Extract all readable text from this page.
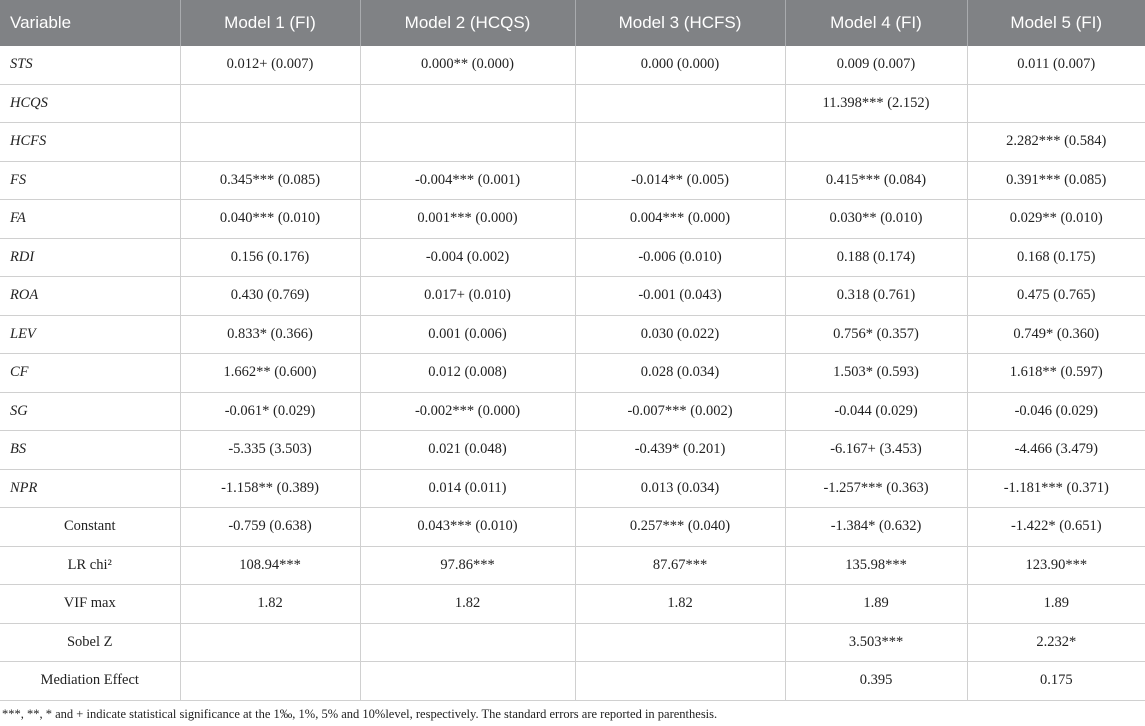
Variable	Model 1 (FI)	Model 2 (HCQS)	Model 3 (HCFS)	Model 4 (FI)	Model 5 (FI)
STS	0.012+ (0.007)	0.000** (0.000)	0.000 (0.000)	0.009 (0.007)	0.011 (0.007)
HCQS				11.398*** (2.152)	
HCFS					2.282*** (0.584)
FS	0.345*** (0.085)	-0.004*** (0.001)	-0.014** (0.005)	0.415*** (0.084)	0.391*** (0.085)
FA	0.040*** (0.010)	0.001*** (0.000)	0.004*** (0.000)	0.030** (0.010)	0.029** (0.010)
RDI	0.156 (0.176)	-0.004 (0.002)	-0.006 (0.010)	0.188 (0.174)	0.168 (0.175)
ROA	0.430 (0.769)	0.017+ (0.010)	-0.001 (0.043)	0.318 (0.761)	0.475 (0.765)
LEV	0.833* (0.366)	0.001 (0.006)	0.030 (0.022)	0.756* (0.357)	0.749* (0.360)
CF	1.662** (0.600)	0.012 (0.008)	0.028 (0.034)	1.503* (0.593)	1.618** (0.597)
SG	-0.061* (0.029)	-0.002*** (0.000)	-0.007*** (0.002)	-0.044 (0.029)	-0.046 (0.029)
BS	-5.335 (3.503)	0.021 (0.048)	-0.439* (0.201)	-6.167+ (3.453)	-4.466 (3.479)
NPR	-1.158** (0.389)	0.014 (0.011)	0.013 (0.034)	-1.257*** (0.363)	-1.181*** (0.371)
Constant	-0.759 (0.638)	0.043*** (0.010)	0.257*** (0.040)	-1.384* (0.632)	-1.422* (0.651)
LR chi²	108.94***	97.86***	87.67***	135.98***	123.90***
VIF max	1.82	1.82	1.82	1.89	1.89
Sobel Z				3.503***	2.232*
Mediation Effect				0.395	0.175
***, **, * and + indicate statistical significance at the 1‰, 1%, 5% and 10%level, respectively. The standard errors are reported in parenthesis.
